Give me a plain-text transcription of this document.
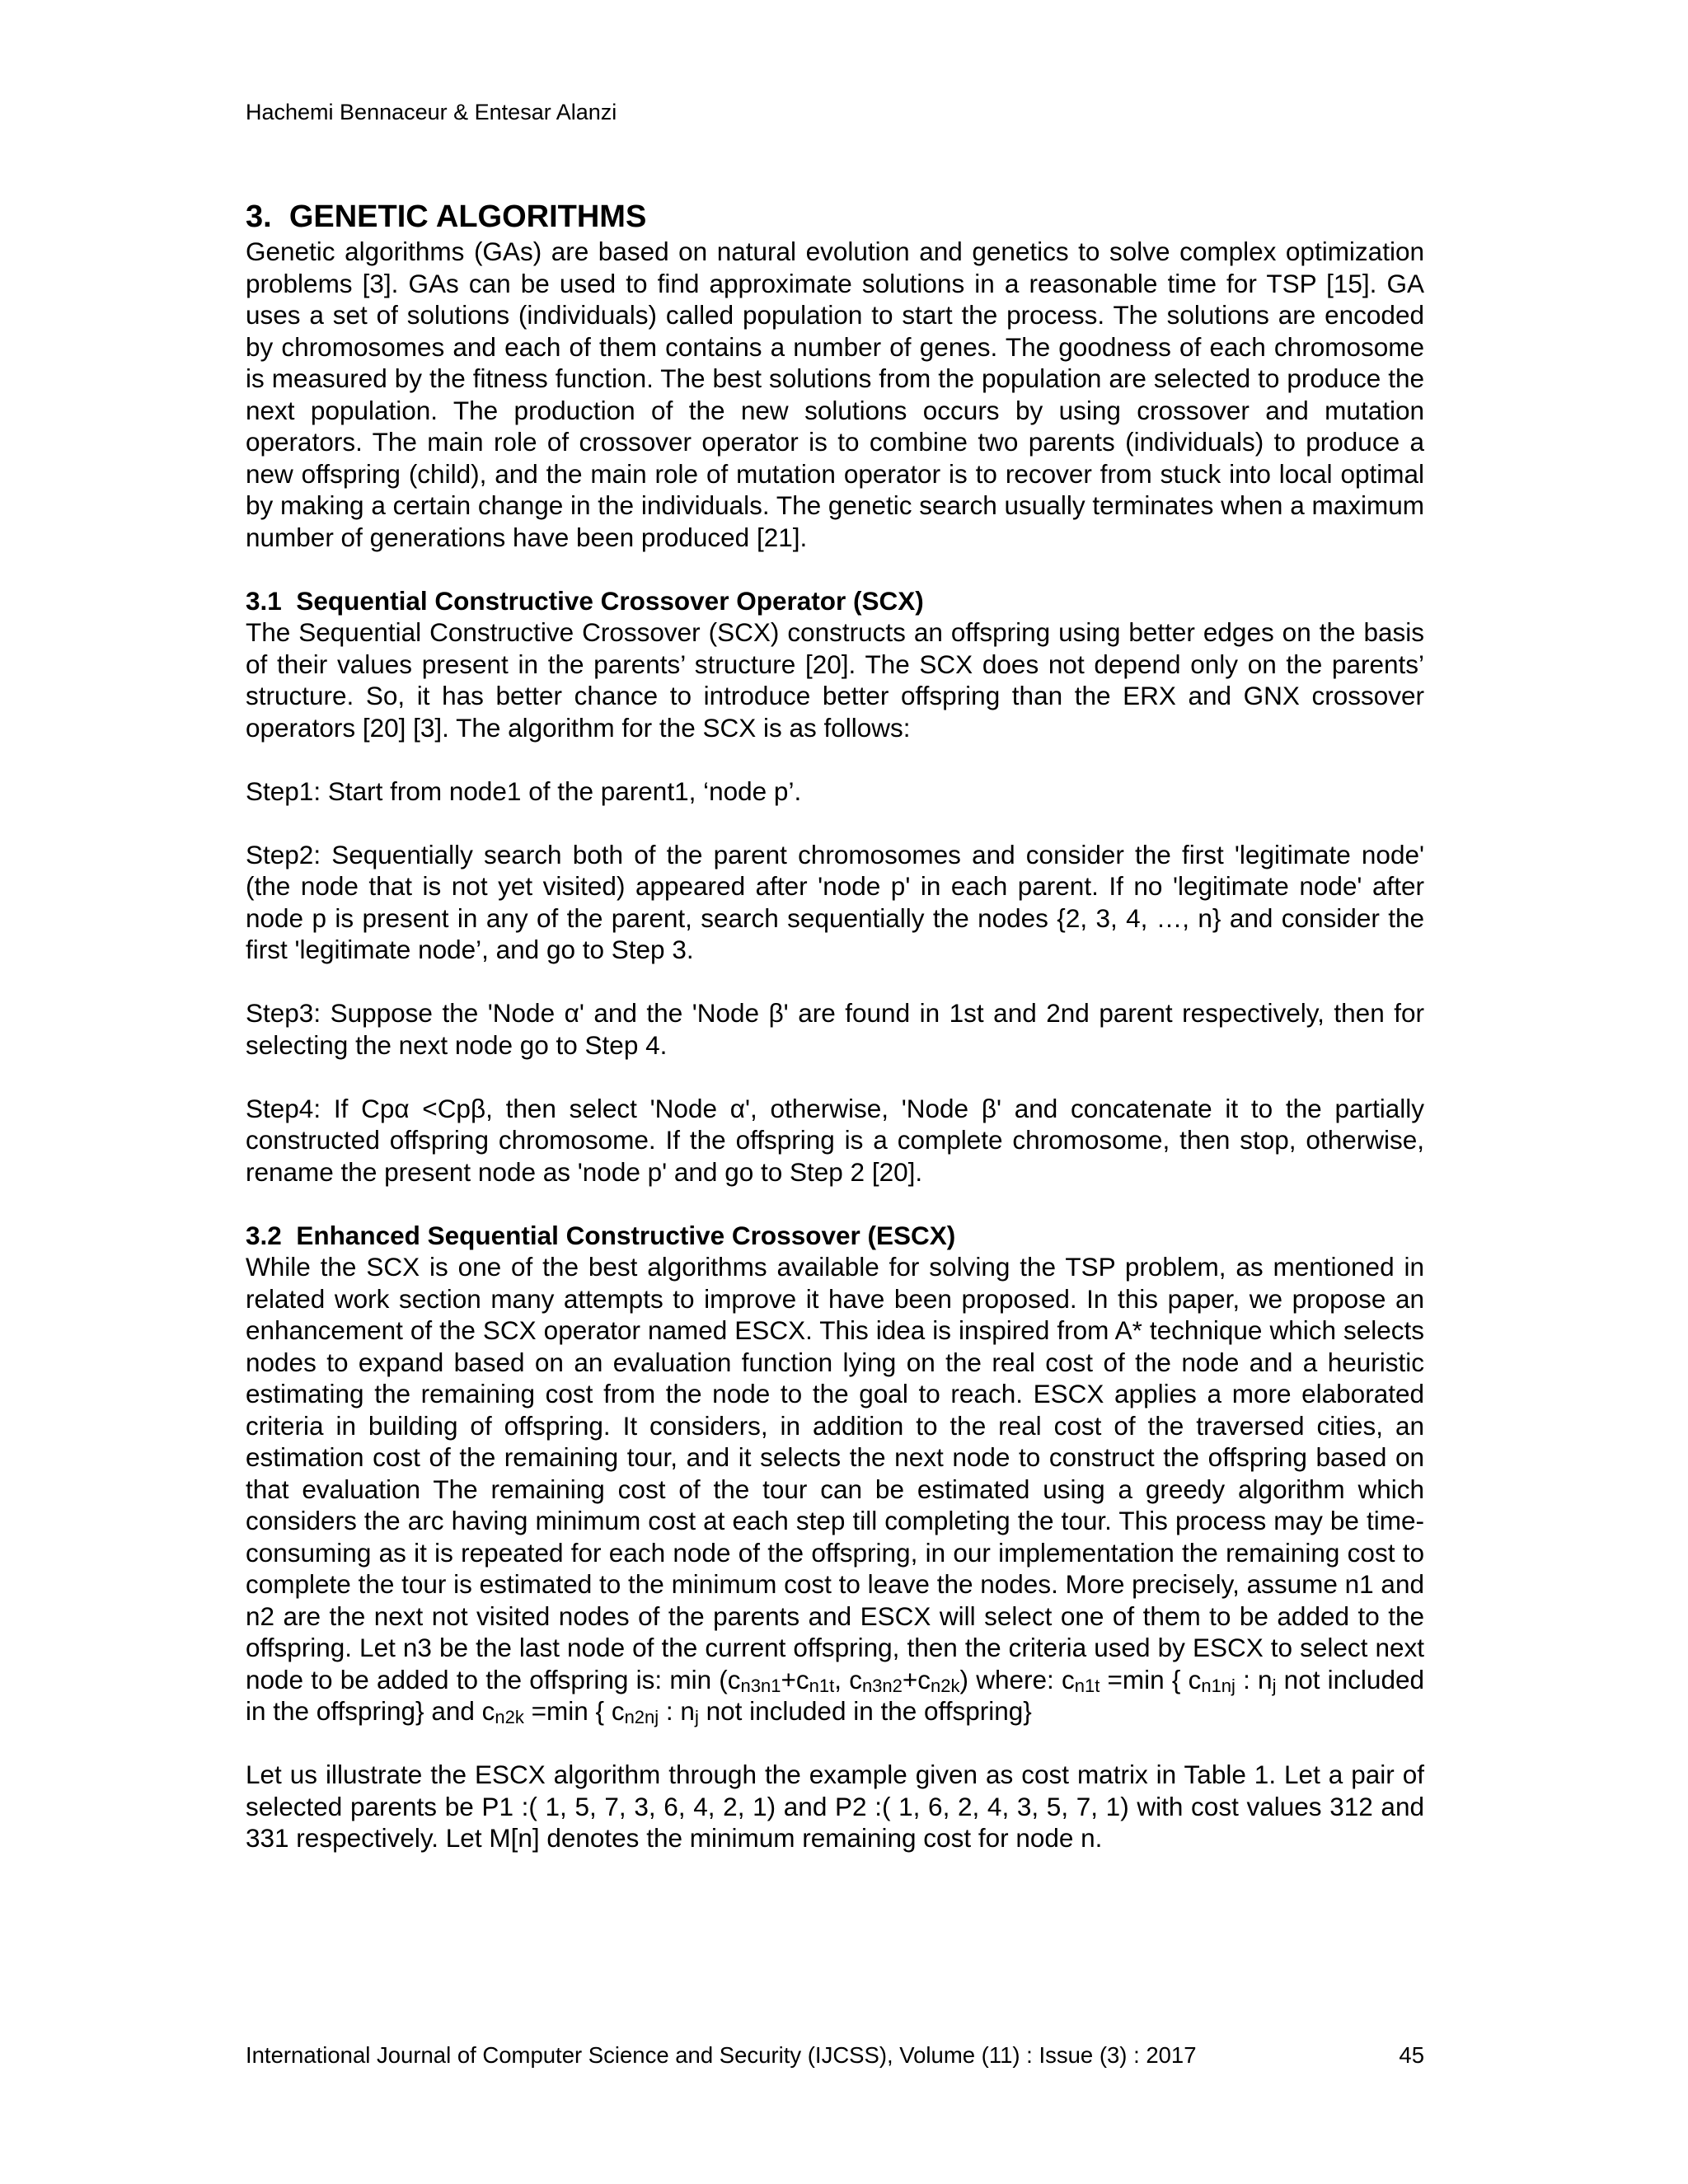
Hachemi Bennaceur & Entesar Alanzi
3. GENETIC ALGORITHMS

Genetic algorithms (GAs) are based on natural evolution and genetics to solve complex optimization problems [3]. GAs can be used to find approximate solutions in a reasonable time for TSP [15]. GA uses a set of solutions (individuals) called population to start the process. The solutions are encoded by chromosomes and each of them contains a number of genes. The goodness of each chromosome is measured by the fitness function. The best solutions from the population are selected to produce the next population. The production of the new solutions occurs by using crossover and mutation operators. The main role of crossover operator is to combine two parents (individuals) to produce a new offspring (child), and the main role of mutation operator is to recover from stuck into local optimal by making a certain change in the individuals. The genetic search usually terminates when a maximum number of generations have been produced [21].

3.1 Sequential Constructive Crossover Operator (SCX)

The Sequential Constructive Crossover (SCX) constructs an offspring using better edges on the basis of their values present in the parents’ structure [20]. The SCX does not depend only on the parents’ structure. So, it has better chance to introduce better offspring than the ERX and GNX crossover operators [20] [3]. The algorithm for the SCX is as follows:

Step1: Start from node1 of the parent1, ‘node p’.

Step2: Sequentially search both of the parent chromosomes and consider the first 'legitimate node' (the node that is not yet visited) appeared after 'node p' in each parent. If no 'legitimate node' after node p is present in any of the parent, search sequentially the nodes {2, 3, 4, …, n} and consider the first 'legitimate node’, and go to Step 3.

Step3: Suppose the 'Node α' and the 'Node β' are found in 1st and 2nd parent respectively, then for selecting the next node go to Step 4.

Step4: If Cpα <Cpβ, then select 'Node α', otherwise, 'Node β' and concatenate it to the partially constructed offspring chromosome. If the offspring is a complete chromosome, then stop, otherwise, rename the present node as 'node p' and go to Step 2 [20].

3.2 Enhanced Sequential Constructive Crossover (ESCX)

While the SCX is one of the best algorithms available for solving the TSP problem, as mentioned in related work section many attempts to improve it have been proposed. In this paper, we propose an enhancement of the SCX operator named ESCX. This idea is inspired from A* technique which selects nodes to expand based on an evaluation function lying on the real cost of the node and a heuristic estimating the remaining cost from the node to the goal to reach. ESCX applies a more elaborated criteria in building of offspring. It considers, in addition to the real cost of the traversed cities, an estimation cost of the remaining tour, and it selects the next node to construct the offspring based on that evaluation The remaining cost of the tour can be estimated using a greedy algorithm which considers the arc having minimum cost at each step till completing the tour. This process may be time-consuming as it is repeated for each node of the offspring, in our implementation the remaining cost to complete the tour is estimated to the minimum cost to leave the nodes. More precisely, assume n1 and n2 are the next not visited nodes of the parents and ESCX will select one of them to be added to the offspring. Let n3 be the last node of the current offspring, then the criteria used by ESCX to select next node to be added to the offspring is: $\min (c_{n3n1}+c_{n1t}$, $c_{n3n2}+c_{n2k}$) where: $c_{n1t} =\min$ { $c_{n1nj}$ : $n_j$ not included in the offspring} and $c_{n2k} =\min$ { $c_{n2nj}$ : $n_j$ not included in the offspring}

Let us illustrate the ESCX algorithm through the example given as cost matrix in Table 1. Let a pair of selected parents be P1 :( 1, 5, 7, 3, 6, 4, 2, 1) and P2 :( 1, 6, 2, 4, 3, 5, 7, 1) with cost values 312 and 331 respectively. Let M[n] denotes the minimum remaining cost for node n.

International Journal of Computer Science and Security (IJCSS), Volume (11) : Issue (3) : 2017	45
